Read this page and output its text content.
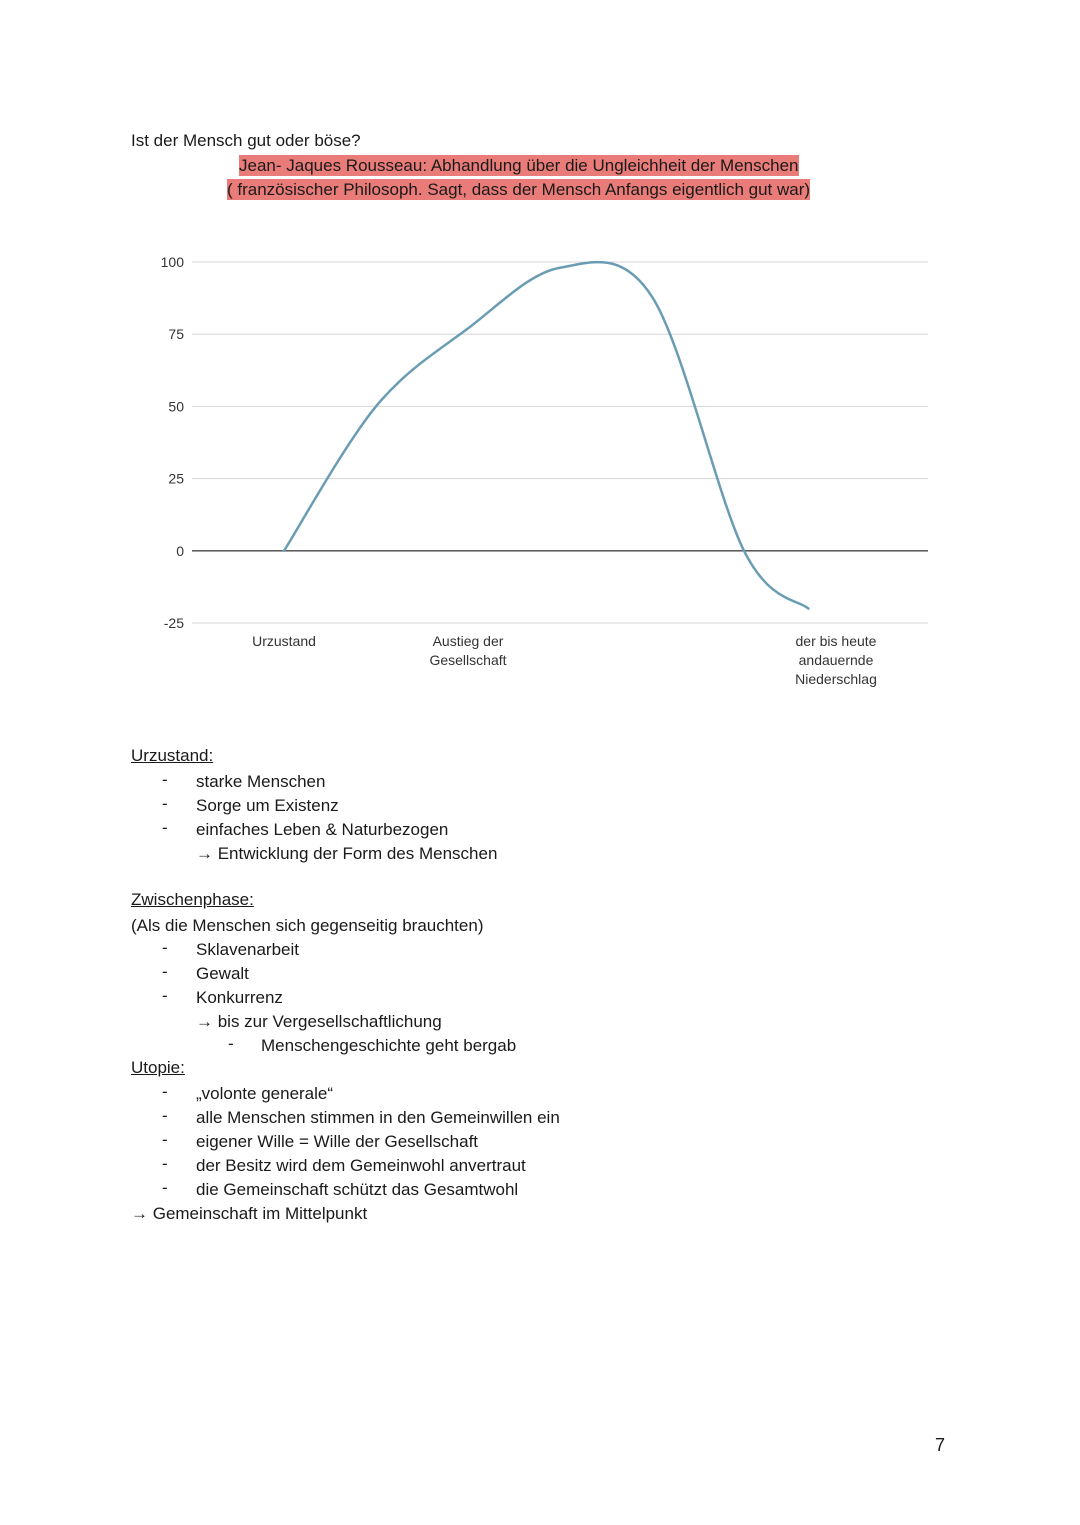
Ist der Mensch gut oder böse?
Jean- Jaques Rousseau: Abhandlung über die Ungleichheit der Menschen
( französischer Philosoph. Sagt, dass der Mensch Anfangs eigentlich gut war)
100
75
50
25
0
-25
Urzustand	Austieg der
Gesellschaft
der bis heute
andauernde
Niederschlag
Urzustand:
- starke Menschen
- Sorge um Existenz
- einfaches Leben & Naturbezogen
→ Entwicklung der Form des Menschen
Zwischenphase:
(Als die Menschen sich gegenseitig brauchten)
- Sklavenarbeit
- Gewalt
- Konkurrenz
→ bis zur Vergesellschaftlichung
- Menschengeschichte geht bergab
Utopie:
- „volonte generale“
- alle Menschen stimmen in den Gemeinwillen ein
- eigener Wille = Wille der Gesellschaft
- der Besitz wird dem Gemeinwohl anvertraut
- die Gemeinschaft schützt das Gesamtwohl
→ Gemeinschaft im Mittelpunkt
7
